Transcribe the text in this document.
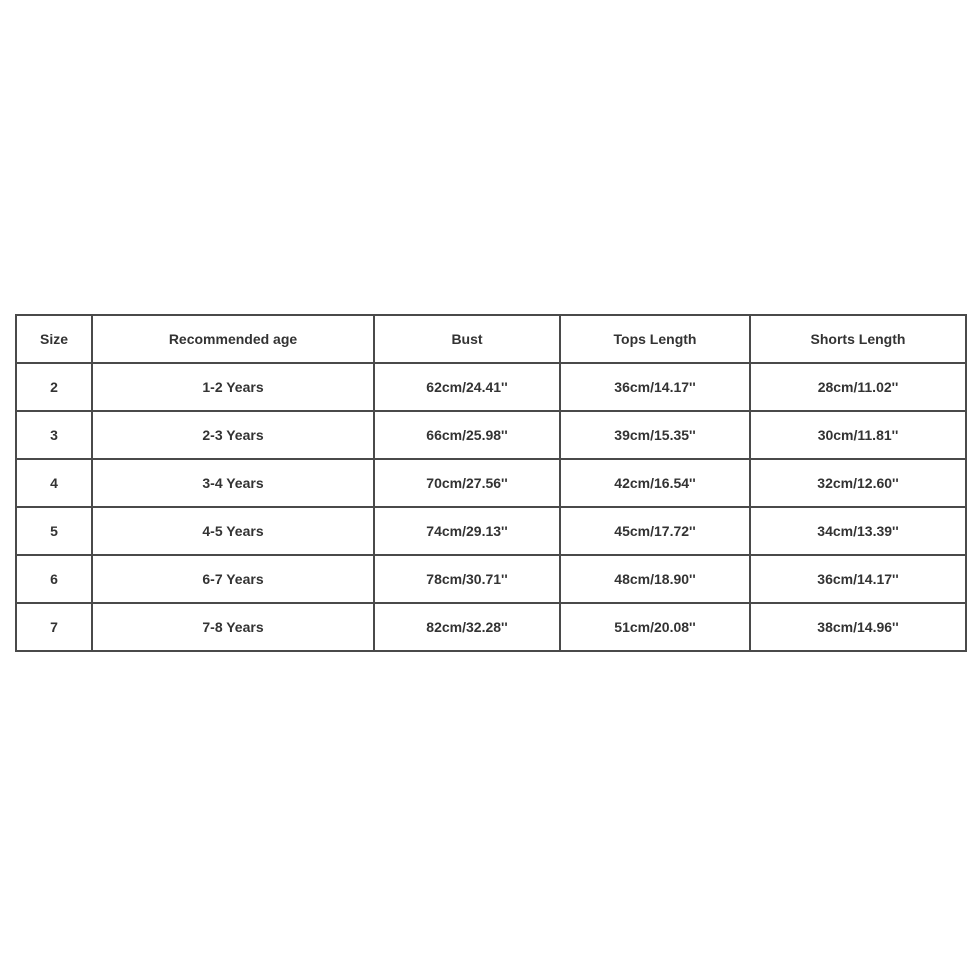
Size	Recommended age	Bust	Tops Length	Shorts Length
2	1-2 Years	62cm/24.41''	36cm/14.17''	28cm/11.02''
3	2-3 Years	66cm/25.98''	39cm/15.35''	30cm/11.81''
4	3-4 Years	70cm/27.56''	42cm/16.54''	32cm/12.60''
5	4-5 Years	74cm/29.13''	45cm/17.72''	34cm/13.39''
6	6-7 Years	78cm/30.71''	48cm/18.90''	36cm/14.17''
7	7-8 Years	82cm/32.28''	51cm/20.08''	38cm/14.96''
